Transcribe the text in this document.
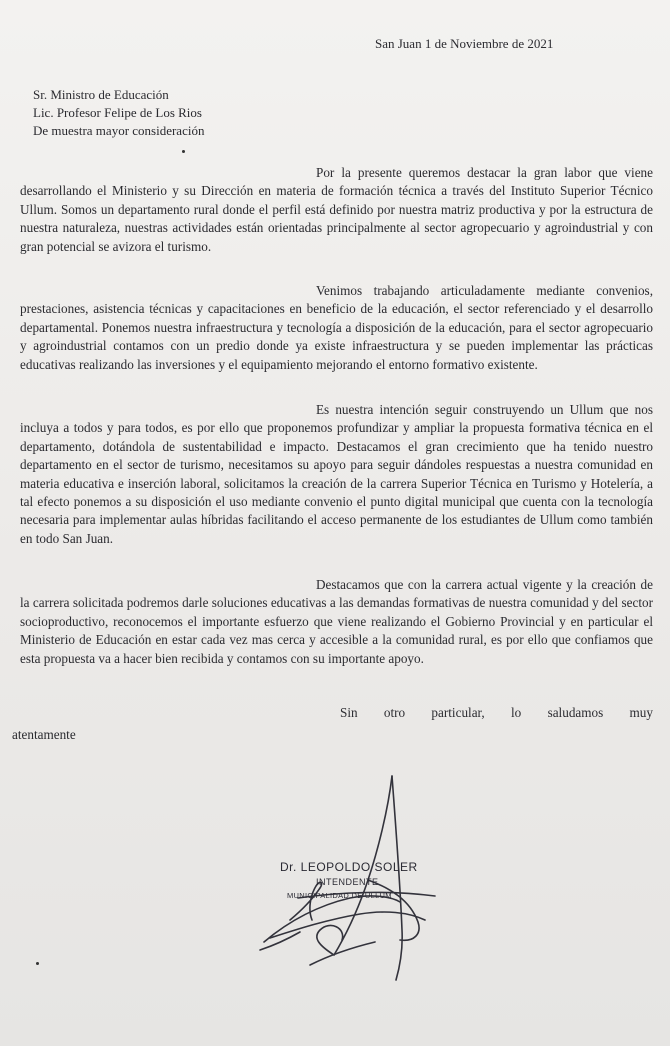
San Juan 1 de Noviembre de 2021
Sr. Ministro de Educación
Lic. Profesor Felipe de Los Rios
De muestra mayor consideración

Por la presente queremos destacar la gran labor que viene desarrollando el Ministerio y su Dirección en materia de formación técnica a través del Instituto Superior Técnico Ullum. Somos un departamento rural donde el perfil está definido por nuestra matriz productiva y por la estructura de nuestra naturaleza, nuestras actividades están orientadas principalmente al sector agropecuario y agroindustrial y con gran potencial se avizora el turismo.

Venimos trabajando articuladamente mediante convenios, prestaciones, asistencia técnicas y capacitaciones en beneficio de la educación, el sector referenciado y el desarrollo departamental. Ponemos nuestra infraestructura y tecnología a disposición de la educación, para el sector agropecuario y agroindustrial contamos con un predio donde ya existe infraestructura y se pueden implementar las prácticas educativas realizando las inversiones y el equipamiento mejorando el entorno formativo existente.

Es nuestra intención seguir construyendo un Ullum que nos incluya a todos y para todos, es por ello que proponemos profundizar y ampliar la propuesta formativa técnica en el departamento, dotándola de sustentabilidad e impacto. Destacamos el gran crecimiento que ha tenido nuestro departamento en el sector de turismo, necesitamos su apoyo para seguir dándoles respuestas a nuestra comunidad en materia educativa e inserción laboral, solicitamos la creación de la carrera Superior Técnica en Turismo y Hotelería, a tal efecto ponemos a su disposición el uso mediante convenio el punto digital municipal que cuenta con la tecnología necesaria para implementar aulas híbridas facilitando el acceso permanente de los estudiantes de Ullum como también en todo San Juan.

Destacamos que con la carrera actual vigente y la creación de la carrera solicitada podremos darle soluciones educativas a las demandas formativas de nuestra comunidad y del sector socioproductivo, reconocemos el importante esfuerzo que viene realizando el Gobierno Provincial y en particular el Ministerio de Educación en estar cada vez mas cerca y accesible a la comunidad rural, es por ello que confiamos que esta propuesta va a hacer bien recibida y contamos con su importante apoyo.

Sin otro particular, lo saludamos muy
atentamente
Dr. LEOPOLDO SOLER
INTENDENTE
MUNICIPALIDAD DE ULLUM
